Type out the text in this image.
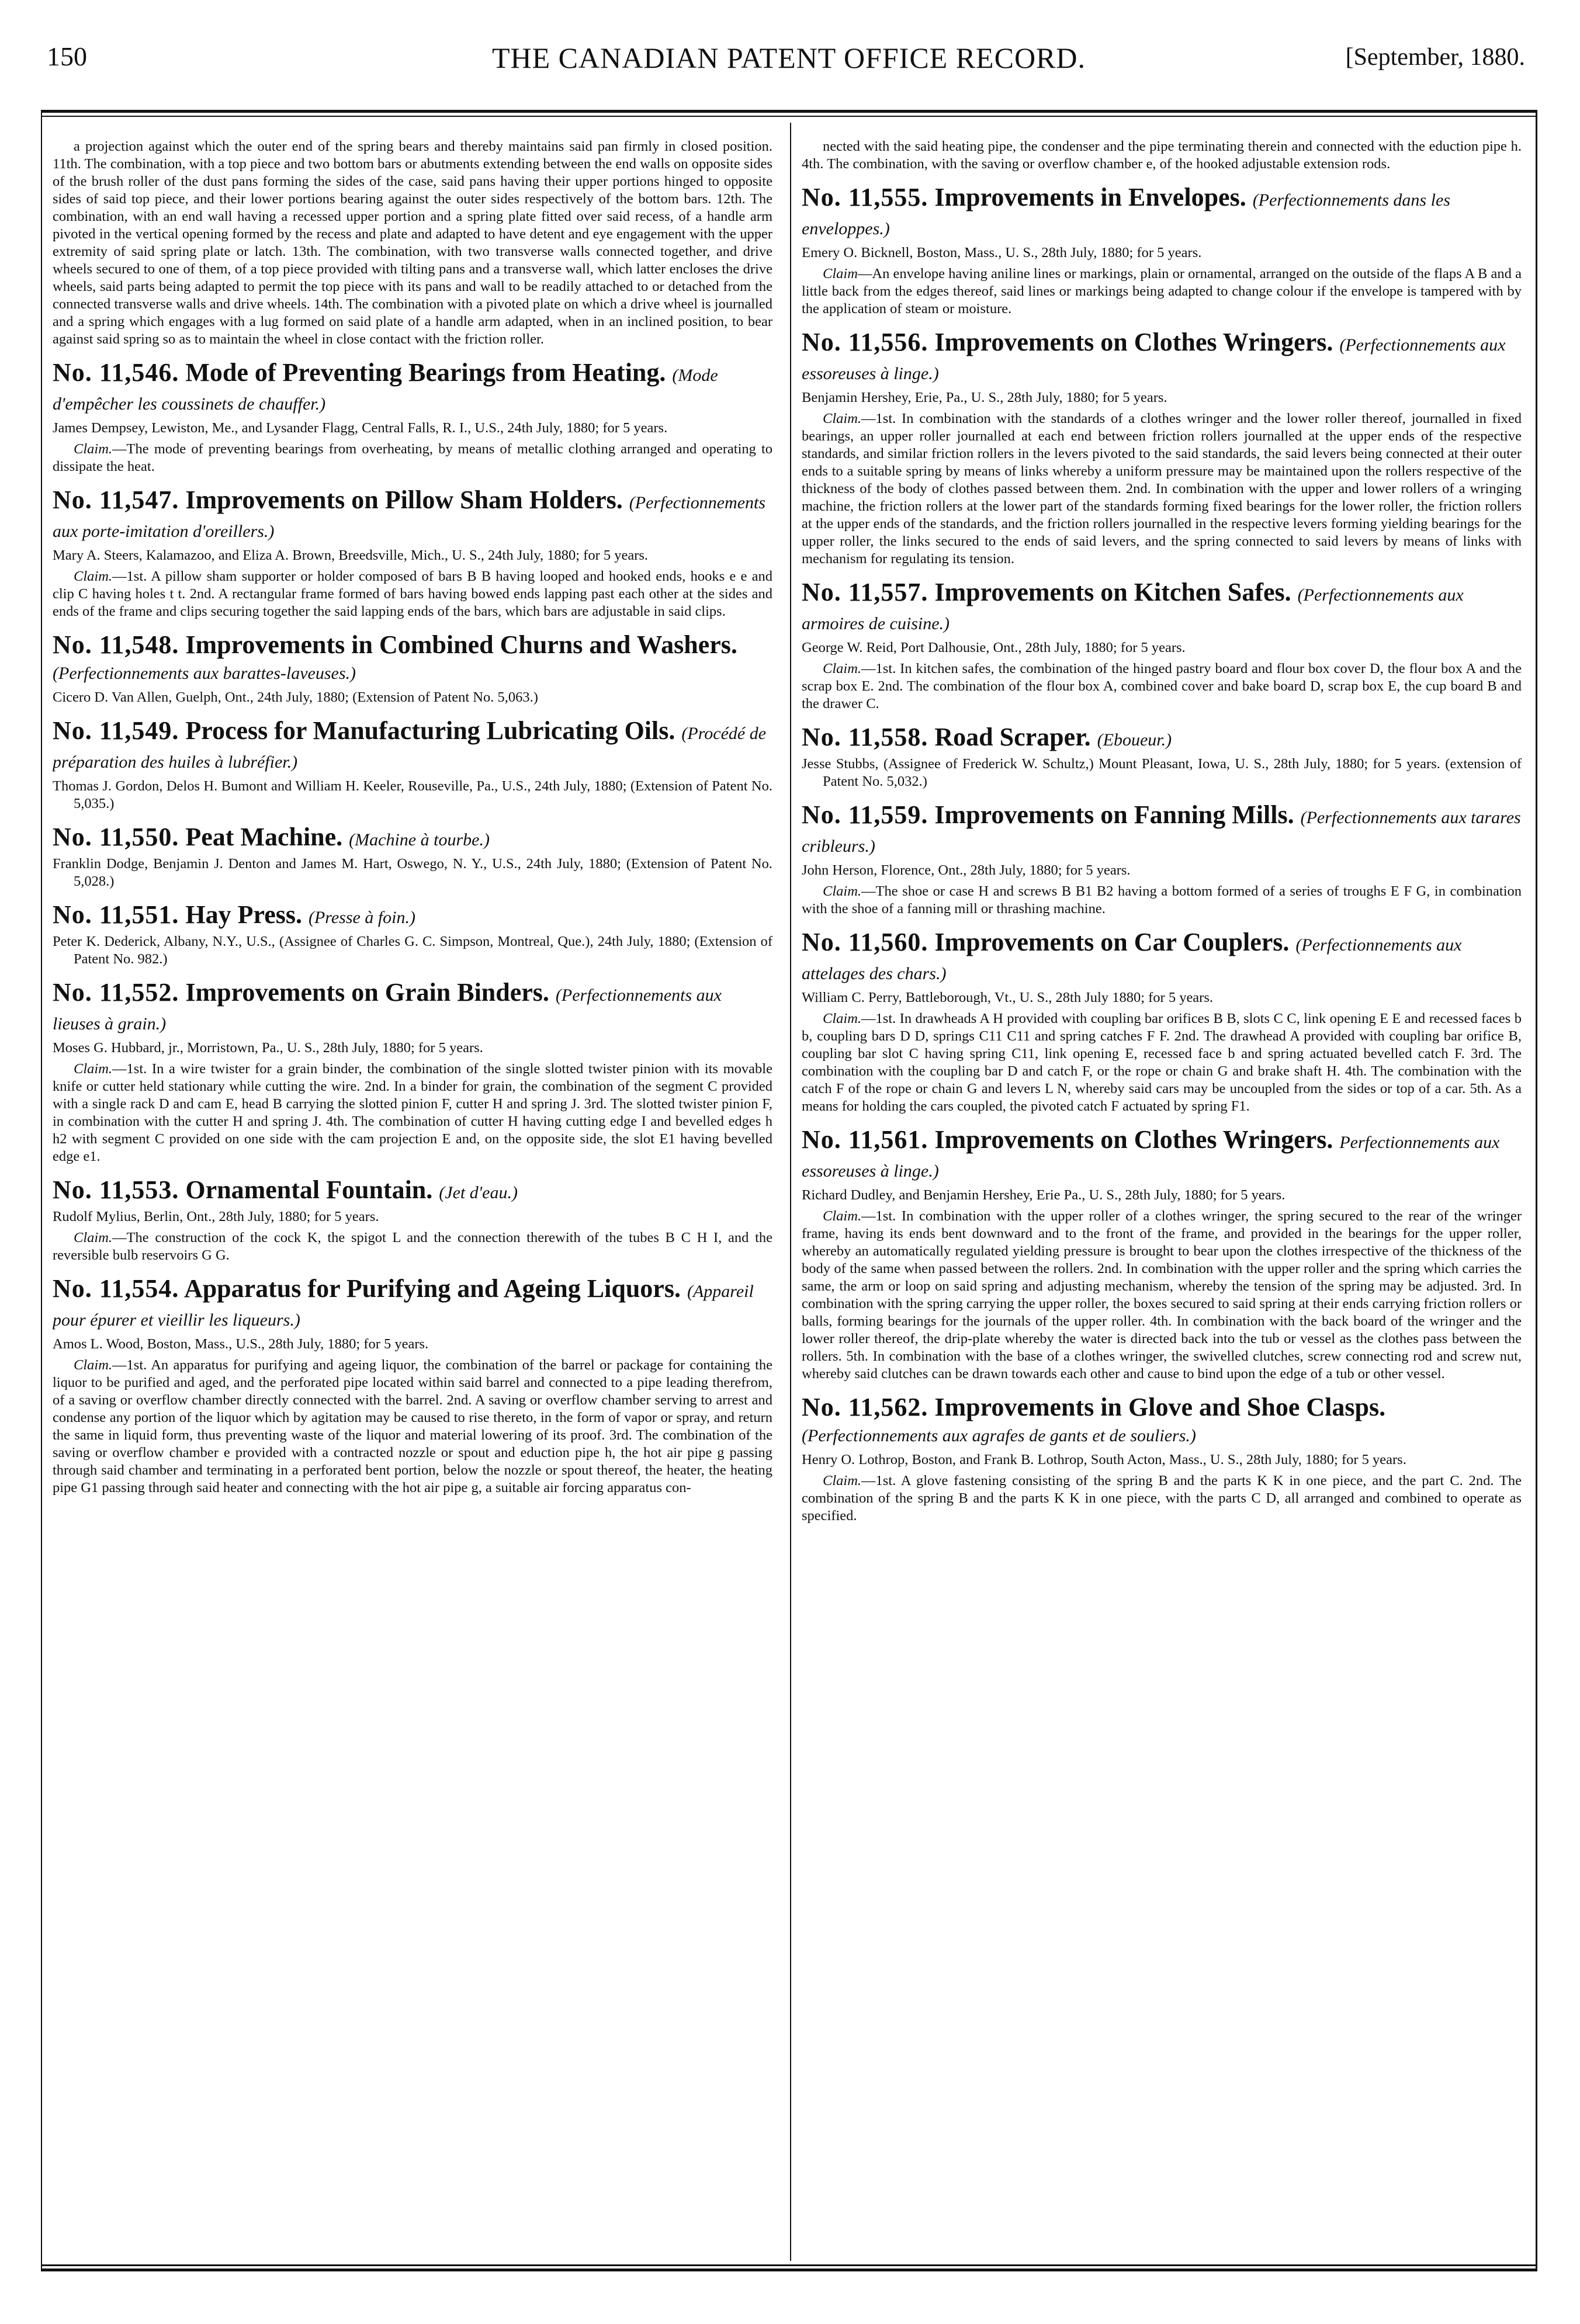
150	THE CANADIAN PATENT OFFICE RECORD.	[September, 1880.

a projection against which the outer end of the spring bears and thereby maintains said pan firmly in closed position. 11th. The combination, with a top piece and two bottom bars or abutments extending between the end walls on opposite sides of the brush roller of the dust pans forming the sides of the case, said pans having their upper portions hinged to opposite sides of said top piece, and their lower portions bearing against the outer sides respectively of the bottom bars. 12th. The combination, with an end wall having a recessed upper portion and a spring plate fitted over said recess, of a handle arm pivoted in the vertical opening formed by the recess and plate and adapted to have detent and eye engagement with the upper extremity of said spring plate or latch. 13th. The combination, with two transverse walls connected together, and drive wheels secured to one of them, of a top piece provided with tilting pans and a transverse wall, which latter encloses the drive wheels, said parts being adapted to permit the top piece with its pans and wall to be readily attached to or detached from the connected transverse walls and drive wheels. 14th. The combination with a pivoted plate on which a drive wheel is journalled and a spring which engages with a lug formed on said plate of a handle arm adapted, when in an inclined position, to bear against said spring so as to maintain the wheel in close contact with the friction roller.

No. 11,546. Mode of Preventing Bearings from Heating. (Mode d'empêcher les coussinets de chauffer.)

James Dempsey, Lewiston, Me., and Lysander Flagg, Central Falls, R. I., U.S., 24th July, 1880; for 5 years.

Claim.—The mode of preventing bearings from overheating, by means of metallic clothing arranged and operating to dissipate the heat.

No. 11,547. Improvements on Pillow Sham Holders. (Perfectionnements aux porte-imitation d'oreillers.)

Mary A. Steers, Kalamazoo, and Eliza A. Brown, Breedsville, Mich., U. S., 24th July, 1880; for 5 years.

Claim.—1st. A pillow sham supporter or holder composed of bars B B having looped and hooked ends, hooks e e and clip C having holes t t. 2nd. A rectangular frame formed of bars having bowed ends lapping past each other at the sides and ends of the frame and clips securing together the said lapping ends of the bars, which bars are adjustable in said clips.

No. 11,548. Improvements in Combined Churns and Washers. (Perfectionnements aux barattes-laveuses.)

Cicero D. Van Allen, Guelph, Ont., 24th July, 1880; (Extension of Patent No. 5,063.)

No. 11,549. Process for Manufacturing Lubricating Oils. (Procédé de préparation des huiles à lubréfier.)

Thomas J. Gordon, Delos H. Bumont and William H. Keeler, Rouseville, Pa., U.S., 24th July, 1880; (Extension of Patent No. 5,035.)

No. 11,550. Peat Machine. (Machine à tourbe.)

Franklin Dodge, Benjamin J. Denton and James M. Hart, Oswego, N. Y., U.S., 24th July, 1880; (Extension of Patent No. 5,028.)

No. 11,551. Hay Press. (Presse à foin.)

Peter K. Dederick, Albany, N.Y., U.S., (Assignee of Charles G. C. Simpson, Montreal, Que.), 24th July, 1880; (Extension of Patent No. 982.)

No. 11,552. Improvements on Grain Binders. (Perfectionnements aux lieuses à grain.)

Moses G. Hubbard, jr., Morristown, Pa., U. S., 28th July, 1880; for 5 years.

Claim.—1st. In a wire twister for a grain binder, the combination of the single slotted twister pinion with its movable knife or cutter held stationary while cutting the wire. 2nd. In a binder for grain, the combination of the segment C provided with a single rack D and cam E, head B carrying the slotted pinion F, cutter H and spring J. 3rd. The slotted twister pinion F, in combination with the cutter H and spring J. 4th. The combination of cutter H having cutting edge I and bevelled edges h h2 with segment C provided on one side with the cam projection E and, on the opposite side, the slot E1 having bevelled edge e1.

No. 11,553. Ornamental Fountain. (Jet d'eau.)

Rudolf Mylius, Berlin, Ont., 28th July, 1880; for 5 years.

Claim.—The construction of the cock K, the spigot L and the connection therewith of the tubes B C H I, and the reversible bulb reservoirs G G.

No. 11,554. Apparatus for Purifying and Ageing Liquors. (Appareil pour épurer et vieillir les liqueurs.)

Amos L. Wood, Boston, Mass., U.S., 28th July, 1880; for 5 years.

Claim.—1st. An apparatus for purifying and ageing liquor, the combination of the barrel or package for containing the liquor to be purified and aged, and the perforated pipe located within said barrel and connected to a pipe leading therefrom, of a saving or overflow chamber directly connected with the barrel. 2nd. A saving or overflow chamber serving to arrest and condense any portion of the liquor which by agitation may be caused to rise thereto, in the form of vapor or spray, and return the same in liquid form, thus preventing waste of the liquor and material lowering of its proof. 3rd. The combination of the saving or overflow chamber e provided with a contracted nozzle or spout and eduction pipe h, the hot air pipe g passing through said chamber and terminating in a perforated bent portion, below the nozzle or spout thereof, the heater, the heating pipe G1 passing through said heater and connecting with the hot air pipe g, a suitable air forcing apparatus con-

nected with the said heating pipe, the condenser and the pipe terminating therein and connected with the eduction pipe h. 4th. The combination, with the saving or overflow chamber e, of the hooked adjustable extension rods.

No. 11,555. Improvements in Envelopes. (Perfectionnements dans les enveloppes.)

Emery O. Bicknell, Boston, Mass., U. S., 28th July, 1880; for 5 years.

Claim—An envelope having aniline lines or markings, plain or ornamental, arranged on the outside of the flaps A B and a little back from the edges thereof, said lines or markings being adapted to change colour if the envelope is tampered with by the application of steam or moisture.

No. 11,556. Improvements on Clothes Wringers. (Perfectionnements aux essoreuses à linge.)

Benjamin Hershey, Erie, Pa., U. S., 28th July, 1880; for 5 years.

Claim.—1st. In combination with the standards of a clothes wringer and the lower roller thereof, journalled in fixed bearings, an upper roller journalled at each end between friction rollers journalled at the upper ends of the respective standards, and similar friction rollers in the levers pivoted to the said standards, the said levers being connected at their outer ends to a suitable spring by means of links whereby a uniform pressure may be maintained upon the rollers respective of the thickness of the body of clothes passed between them. 2nd. In combination with the upper and lower rollers of a wringing machine, the friction rollers at the lower part of the standards forming fixed bearings for the lower roller, the friction rollers at the upper ends of the standards, and the friction rollers journalled in the respective levers forming yielding bearings for the upper roller, the links secured to the ends of said levers, and the spring connected to said levers by means of links with mechanism for regulating its tension.

No. 11,557. Improvements on Kitchen Safes. (Perfectionnements aux armoires de cuisine.)

George W. Reid, Port Dalhousie, Ont., 28th July, 1880; for 5 years.

Claim.—1st. In kitchen safes, the combination of the hinged pastry board and flour box cover D, the flour box A and the scrap box E. 2nd. The combination of the flour box A, combined cover and bake board D, scrap box E, the cup board B and the drawer C.

No. 11,558. Road Scraper. (Eboueur.)

Jesse Stubbs, (Assignee of Frederick W. Schultz,) Mount Pleasant, Iowa, U. S., 28th July, 1880; for 5 years. (extension of Patent No. 5,032.)

No. 11,559. Improvements on Fanning Mills. (Perfectionnements aux tarares cribleurs.)

John Herson, Florence, Ont., 28th July, 1880; for 5 years.

Claim.—The shoe or case H and screws B B1 B2 having a bottom formed of a series of troughs E F G, in combination with the shoe of a fanning mill or thrashing machine.

No. 11,560. Improvements on Car Couplers. (Perfectionnements aux attelages des chars.)

William C. Perry, Battleborough, Vt., U. S., 28th July 1880; for 5 years.

Claim.—1st. In drawheads A H provided with coupling bar orifices B B, slots C C, link opening E E and recessed faces b b, coupling bars D D, springs C11 C11 and spring catches F F. 2nd. The drawhead A provided with coupling bar orifice B, coupling bar slot C having spring C11, link opening E, recessed face b and spring actuated bevelled catch F. 3rd. The combination with the coupling bar D and catch F, or the rope or chain G and brake shaft H. 4th. The combination with the catch F of the rope or chain G and levers L N, whereby said cars may be uncoupled from the sides or top of a car. 5th. As a means for holding the cars coupled, the pivoted catch F actuated by spring F1.

No. 11,561. Improvements on Clothes Wringers. Perfectionnements aux essoreuses à linge.)

Richard Dudley, and Benjamin Hershey, Erie Pa., U. S., 28th July, 1880; for 5 years.

Claim.—1st. In combination with the upper roller of a clothes wringer, the spring secured to the rear of the wringer frame, having its ends bent downward and to the front of the frame, and provided in the bearings for the upper roller, whereby an automatically regulated yielding pressure is brought to bear upon the clothes irrespective of the thickness of the body of the same when passed between the rollers. 2nd. In combination with the upper roller and the spring which carries the same, the arm or loop on said spring and adjusting mechanism, whereby the tension of the spring may be adjusted. 3rd. In combination with the spring carrying the upper roller, the boxes secured to said spring at their ends carrying friction rollers or balls, forming bearings for the journals of the upper roller. 4th. In combination with the back board of the wringer and the lower roller thereof, the drip-plate whereby the water is directed back into the tub or vessel as the clothes pass between the rollers. 5th. In combination with the base of a clothes wringer, the swivelled clutches, screw connecting rod and screw nut, whereby said clutches can be drawn towards each other and cause to bind upon the edge of a tub or other vessel.

No. 11,562. Improvements in Glove and Shoe Clasps. (Perfectionnements aux agrafes de gants et de souliers.)

Henry O. Lothrop, Boston, and Frank B. Lothrop, South Acton, Mass., U. S., 28th July, 1880; for 5 years.

Claim.—1st. A glove fastening consisting of the spring B and the parts K K in one piece, and the part C. 2nd. The combination of the spring B and the parts K K in one piece, with the parts C D, all arranged and combined to operate as specified.
